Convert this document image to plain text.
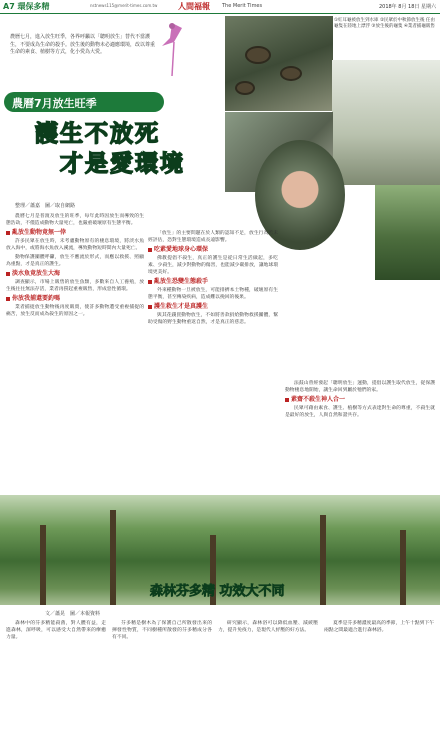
A7 環保多精	nstnews115@merit-times.com.tw	人間福報 The Merit Times	2018年 8月 18日 星期六
①紅耳龜被放生到水庫 ②民眾於中秋節放生後 任由龜隻在陸地上漂浮 ③放生後的龜隻 ④業者捕龜販售
農曆七月，進入放生旺季，各界呼籲以「聰明放生」替代不當護生，不要成為生命的殺手。放生後的動物未必適應環境，改以尊重生命的素食、植樹等方式，化小愛為大愛。
農曆7月放生旺季
護生不放死
才是愛環境
整理／蕭嘉　圖／取自網路

農曆七月是普渡及放生的旺季，每年此時因放生而導致的生態浩劫，不僅造成動物大量死亡，也嚴重破壞原有生態平衡。

亂放生動物竟無一倖

許多民眾在放生時，未考慮動物原有的棲息環境，將淡水魚放入海中，或將海水魚放入溪流，導致動物短時間內大量死亡。

動物保護團體呼籲，放生不應流於形式，而應以救援、照顧為重點，才是真正的護生。

淡水魚竟放生大海

調查顯示，市場上販售的放生魚類，多數來自人工養殖，放生後往往無法存活，業者再撈起重複販售，形成惡性循環。

你放我捕還要釣嗎

業者捕捉放生動物後再度販賣，使許多動物遭受重複捕捉的痛苦，放生反而成為殺生的原因之一。

「放生」的主要問題在於人類的認知不足，放生行為若未經評估，恐對生態環境造成長遠影響。

吃素愛地球身心環保

佛教提倡不殺生，真正的護生是從日常生活做起，多吃素、少殺生，減少對動物的傷害，也能減少碳排放，讓地球環境更美好。

亂放生恐變生態殺手

外來種動物一旦被放生，可能排擠本土物種，破壞原有生態平衡，甚至傳染疾病，造成難以挽回的後果。

護生救生才是真護生

與其花錢買動物放生，不如將善款捐給動物救援團體，幫助受傷的野生動物重返自然，才是真正的慈悲。

法鼓山曾經發起「聰明放生」運動，提倡以護生取代放生，從保護動物棲息地開始，讓生命回到屬於牠們的家。

素齋不殺生神人合一

民眾可藉由素食、護生、植樹等方式表達對生命的尊重，不殺生就是最好的放生，人與自然和諧共存。

森林芬多精 功效大不同
文／蕭晃　圖／本報資料

森林中的芬多精能殺菌，對人體有益，走進森林，深呼吸，可以感受大自然帶來的療癒力量。

芬多精是樹木為了保護自己所散發出來的揮發性物質，不同樹種所散發的芬多精成分各有不同。

研究顯示，森林浴可以降低血壓、減緩壓力，提升免疫力，是現代人紓壓的好方法。

夏季是芬多精濃度最高的季節，上午十點到下午兩點之間最適合進行森林浴。
